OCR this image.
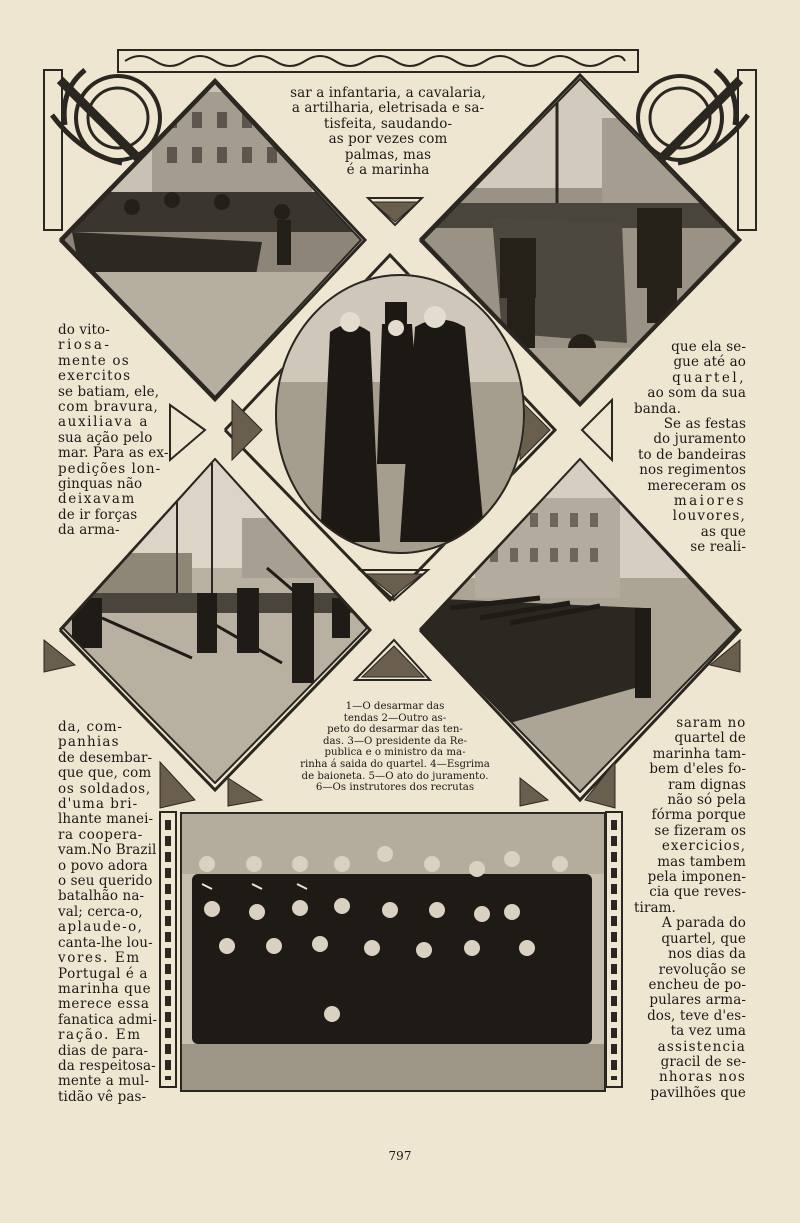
sar a infantaria, a cavalaria,
a artilharia, eletrisada e sa-
tisfeita, saudando-
as por vezes com
palmas, mas
é a marinha
do vito-
riosa-
mente os
exercitos
se batiam, ele,
com bravura,
auxiliava a
sua ação pelo
mar. Para as ex-
pedições lon-
ginquas não
deixavam
de ir forças
da arma-
que ela se-
gue até ao
quartel,
ao som da sua
banda.
Se as festas
do juramento
to de bandeiras
nos regimentos
mereceram os
maiores
louvores,
as que
se reali-
da, com-
panhias
de desembar-
que que, com
os soldados,
d'uma bri-
lhante manei-
ra coopera-
vam.No Brazil
o povo adora
o seu querido
batalhão na-
val; cerca-o,
aplaude-o,
canta-lhe lou-
vores. Em
Portugal é a
marinha que
merece essa
fanatica admi-
ração. Em
dias de para-
da respeitosa-
mente a mul-
tidão vê pas-
saram no
quartel de
marinha tam-
bem d'eles fo-
ram dignas
não só pela
fórma porque
se fizeram os
exercicios,
mas tambem
pela imponen-
cia que reves-
tiram.
A parada do
quartel, que
nos dias da
revolução se
encheu de po-
pulares arma-
dos, teve d'es-
ta vez uma
assistencia
gracil de se-
nhoras nos
pavilhões que
1—O desarmar das
tendas 2—Outro as-
peto do desarmar das ten-
das. 3—O presidente da Re-
publica e o ministro da ma-
rinha á saida do quartel. 4—Esgrima
de baioneta. 5—O ato do juramento.
6—Os instrutores dos recrutas
797
